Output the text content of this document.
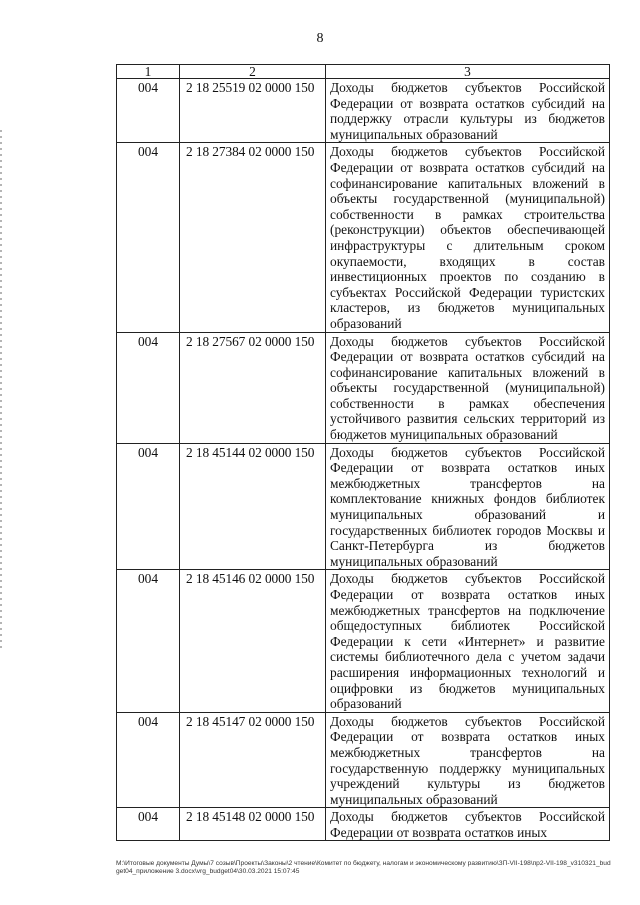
8
1	2	3
004	2 18 25519 02 0000 150	Доходы бюджетов субъектов Российской Федерации от возврата остатков субсидий на поддержку отрасли культуры из бюджетов муниципальных образований
004	2 18 27384 02 0000 150	Доходы бюджетов субъектов Российской Федерации от возврата остатков субсидий на софинансирование капитальных вложений в объекты государственной (муниципальной) собственности в рамках строительства (реконструкции) объектов обеспечивающей инфраструктуры с длительным сроком окупаемости, входящих в состав инвестиционных проектов по созданию в субъектах Российской Федерации туристских кластеров, из бюджетов муниципальных образований
004	2 18 27567 02 0000 150	Доходы бюджетов субъектов Российской Федерации от возврата остатков субсидий на софинансирование капитальных вложений в объекты государственной (муниципальной) собственности в рамках обеспечения устойчивого развития сельских территорий из бюджетов муниципальных образований
004	2 18 45144 02 0000 150	Доходы бюджетов субъектов Российской Федерации от возврата остатков иных межбюджетных трансфертов на комплектование книжных фондов библиотек муниципальных образований и государственных библиотек городов Москвы и Санкт-Петербурга из бюджетов муниципальных образований
004	2 18 45146 02 0000 150	Доходы бюджетов субъектов Российской Федерации от возврата остатков иных межбюджетных трансфертов на подключение общедоступных библиотек Российской Федерации к сети «Интернет» и развитие системы библиотечного дела с учетом задачи расширения информационных технологий и оцифровки из бюджетов муниципальных образований
004	2 18 45147 02 0000 150	Доходы бюджетов субъектов Российской Федерации от возврата остатков иных межбюджетных трансфертов на государственную поддержку муниципальных учреждений культуры из бюджетов муниципальных образований
004	2 18 45148 02 0000 150	Доходы бюджетов субъектов Российской Федерации от возврата остатков иных
M:\Итоговые документы Думы\7 созыв\Проекты\Законы\2 чтение\Комитет по бюджету, налогам и экономическому развитию\ЗП-VII-198\пр2-VII-198_v310321_budget04_приложение 3.docx\vrg_budget04\30.03.2021 15:07:45
